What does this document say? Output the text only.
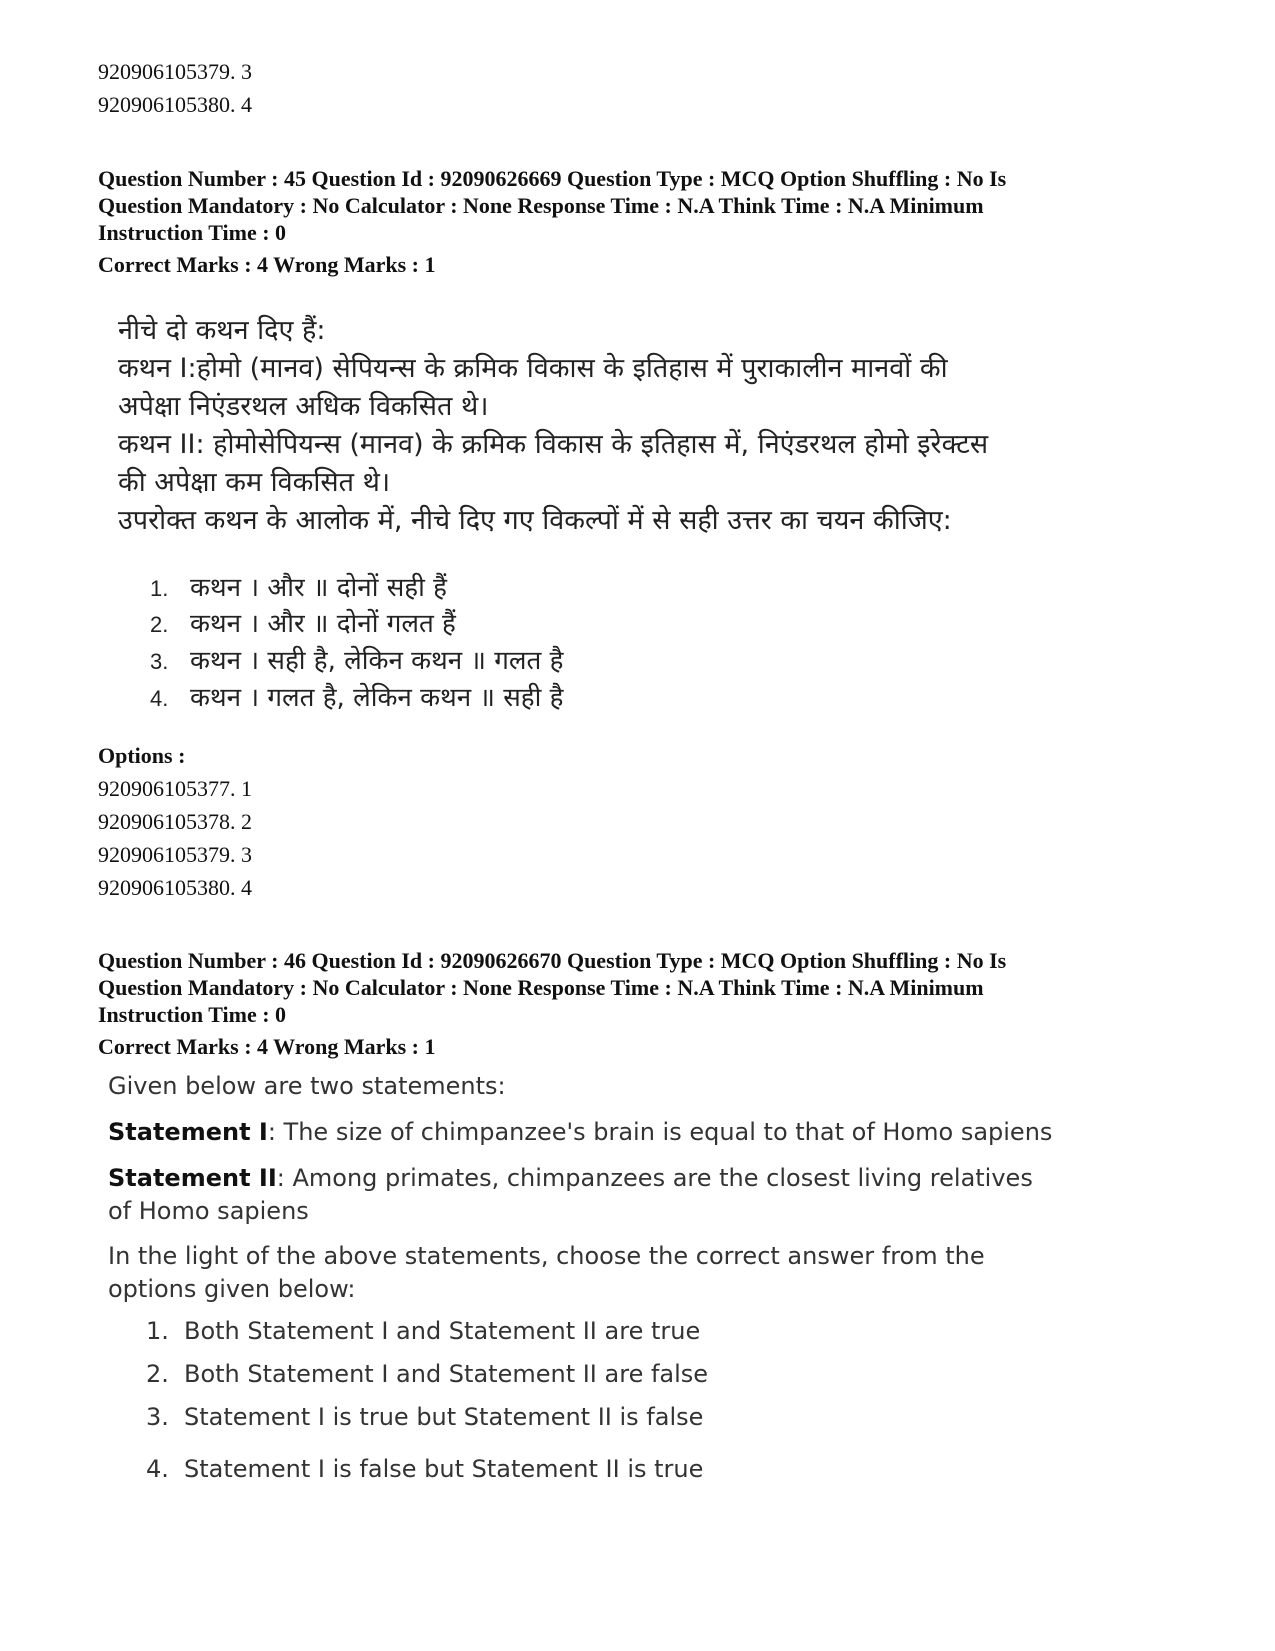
920906105379. 3
920906105380. 4
Question Number : 45 Question Id : 92090626669 Question Type : MCQ Option Shuffling : No Is
Question Mandatory : No Calculator : None Response Time : N.A Think Time : N.A Minimum
Instruction Time : 0
Correct Marks : 4 Wrong Marks : 1
नीचे दो कथन दिए हैं:
कथन I:होमो (मानव) सेपियन्स के क्रमिक विकास के इतिहास में पुराकालीन मानवों की
अपेक्षा निएंडरथल अधिक विकसित थे।
कथन II: होमोसेपियन्स (मानव) के क्रमिक विकास के इतिहास में, निएंडरथल होमो इरेक्टस
की अपेक्षा कम विकसित थे।
उपरोक्त कथन के आलोक में, नीचे दिए गए विकल्पों में से सही उत्तर का चयन कीजिए:
1. कथन । और ॥ दोनों सही हैं
2. कथन । और ॥ दोनों गलत हैं
3. कथन । सही है, लेकिन कथन ॥ गलत है
4. कथन । गलत है, लेकिन कथन ॥ सही है
Options :
920906105377. 1
920906105378. 2
920906105379. 3
920906105380. 4
Question Number : 46 Question Id : 92090626670 Question Type : MCQ Option Shuffling : No Is
Question Mandatory : No Calculator : None Response Time : N.A Think Time : N.A Minimum
Instruction Time : 0
Correct Marks : 4 Wrong Marks : 1
Given below are two statements:
Statement I: The size of chimpanzee's brain is equal to that of Homo sapiens
Statement II: Among primates, chimpanzees are the closest living relatives
of Homo sapiens
In the light of the above statements, choose the correct answer from the
options given below:
1. Both Statement I and Statement II are true
2. Both Statement I and Statement II are false
3. Statement I is true but Statement II is false
4. Statement I is false but Statement II is true
